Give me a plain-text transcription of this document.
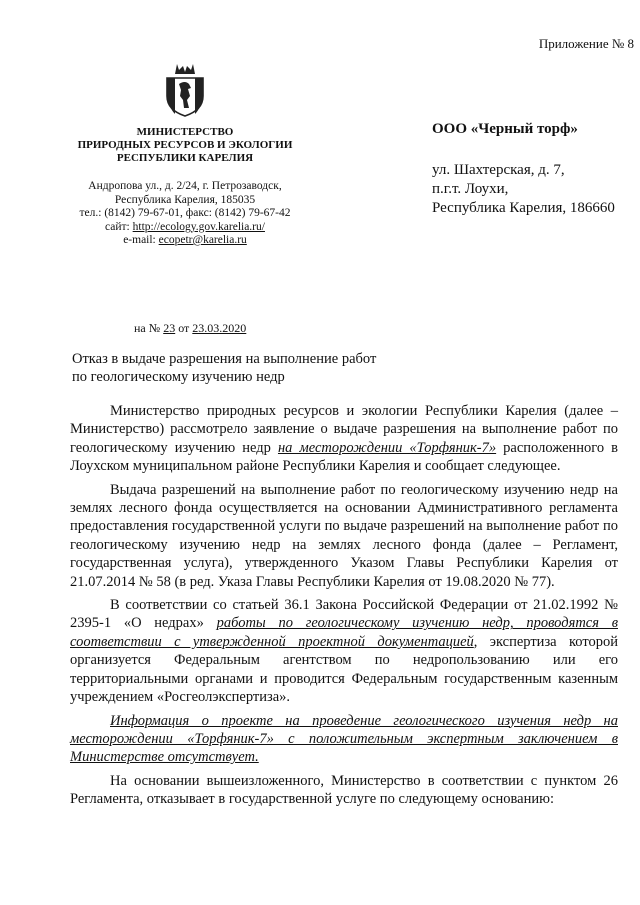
Приложение № 8
МИНИСТЕРСТВО
ПРИРОДНЫХ РЕСУРСОВ И ЭКОЛОГИИ
РЕСПУБЛИКИ КАРЕЛИЯ
Андропова ул., д. 2/24, г. Петрозаводск,
Республика Карелия, 185035
тел.: (8142) 79-67-01, факс: (8142) 79-67-42
сайт: http://ecology.gov.karelia.ru/
e-mail: ecopetr@karelia.ru
ООО «Черный торф»
ул. Шахтерская, д. 7,
п.г.т. Лоухи,
Республика Карелия, 186660
на № 23 от 23.03.2020
Отказ в выдаче разрешения на выполнение работ
по геологическому изучению недр

Министерство природных ресурсов и экологии Республики Карелия (далее – Министерство) рассмотрело заявление о выдаче разрешения на выполнение работ по геологическому изучению недр на месторождении «Торфяник-7» расположенного в Лоухском муниципальном районе Республики Карелия и сообщает следующее.

Выдача разрешений на выполнение работ по геологическому изучению недр на землях лесного фонда осуществляется на основании Административного регламента предоставления государственной услуги по выдаче разрешений на выполнение работ по геологическому изучению недр на землях лесного фонда (далее – Регламент, государственная услуга), утвержденного Указом Главы Республики Карелия от 21.07.2014 № 58 (в ред. Указа Главы Республики Карелия от 19.08.2020 № 77).

В соответствии со статьей 36.1 Закона Российской Федерации от 21.02.1992 № 2395-1 «О недрах» работы по геологическому изучению недр, проводятся в соответствии с утвержденной проектной документацией, экспертиза которой организуется Федеральным агентством по недропользованию или его территориальными органами и проводится Федеральным государственным казенным учреждением «Росгеолэкспертиза».

Информация о проекте на проведение геологического изучения недр на месторождении «Торфяник-7» с положительным экспертным заключением в Министерстве отсутствует.

На основании вышеизложенного, Министерство в соответствии с пунктом 26 Регламента, отказывает в государственной услуге по следующему основанию:
